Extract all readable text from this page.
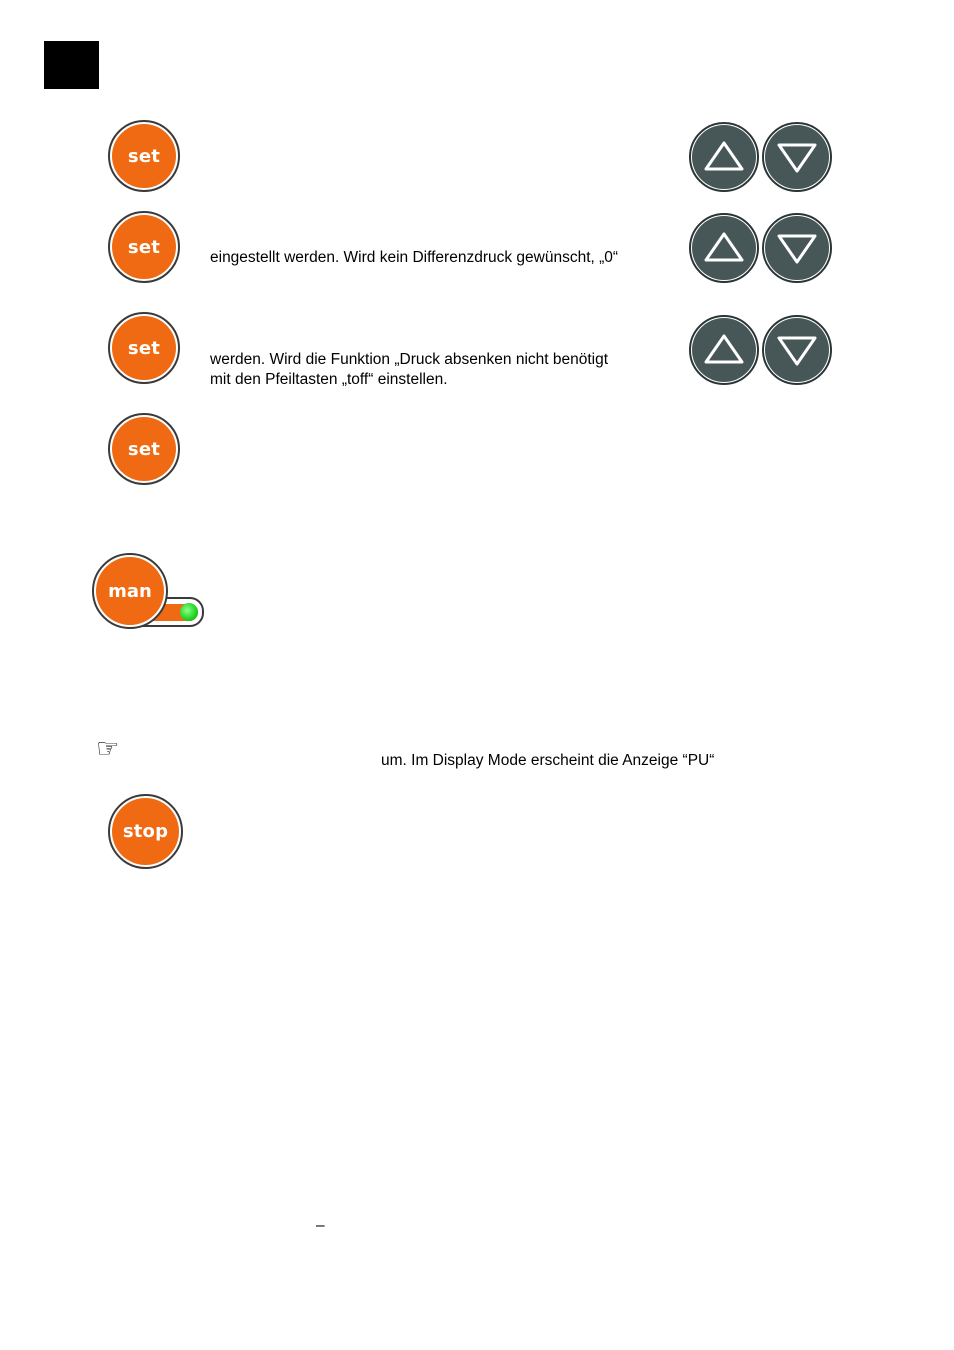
set
set	eingestellt werden. Wird kein Differenzdruck gewünscht, „0“
set
werden. Wird die Funktion „Druck absenken nicht benötigt
mit den Pfeiltasten „toff“ einstellen.
set
man
☞	um. Im Display Mode erscheint die Anzeige “PU“
stop
–
